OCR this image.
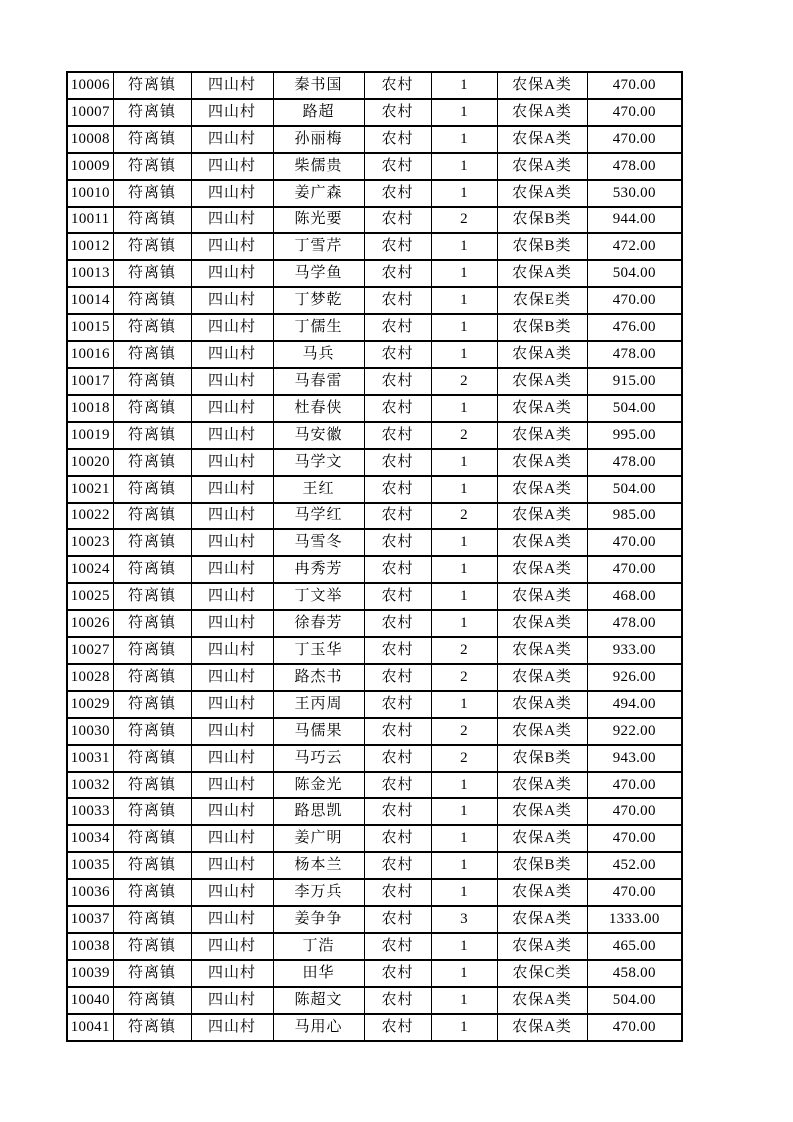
10006	符离镇	四山村	秦书国	农村	1	农保A类	470.00
10007	符离镇	四山村	路超	农村	1	农保A类	470.00
10008	符离镇	四山村	孙丽梅	农村	1	农保A类	470.00
10009	符离镇	四山村	柴儒贵	农村	1	农保A类	478.00
10010	符离镇	四山村	姜广森	农村	1	农保A类	530.00
10011	符离镇	四山村	陈光要	农村	2	农保B类	944.00
10012	符离镇	四山村	丁雪芹	农村	1	农保B类	472.00
10013	符离镇	四山村	马学鱼	农村	1	农保A类	504.00
10014	符离镇	四山村	丁梦乾	农村	1	农保E类	470.00
10015	符离镇	四山村	丁儒生	农村	1	农保B类	476.00
10016	符离镇	四山村	马兵	农村	1	农保A类	478.00
10017	符离镇	四山村	马春雷	农村	2	农保A类	915.00
10018	符离镇	四山村	杜春侠	农村	1	农保A类	504.00
10019	符离镇	四山村	马安徽	农村	2	农保A类	995.00
10020	符离镇	四山村	马学文	农村	1	农保A类	478.00
10021	符离镇	四山村	王红	农村	1	农保A类	504.00
10022	符离镇	四山村	马学红	农村	2	农保A类	985.00
10023	符离镇	四山村	马雪冬	农村	1	农保A类	470.00
10024	符离镇	四山村	冉秀芳	农村	1	农保A类	470.00
10025	符离镇	四山村	丁文举	农村	1	农保A类	468.00
10026	符离镇	四山村	徐春芳	农村	1	农保A类	478.00
10027	符离镇	四山村	丁玉华	农村	2	农保A类	933.00
10028	符离镇	四山村	路杰书	农村	2	农保A类	926.00
10029	符离镇	四山村	王丙周	农村	1	农保A类	494.00
10030	符离镇	四山村	马儒果	农村	2	农保A类	922.00
10031	符离镇	四山村	马巧云	农村	2	农保B类	943.00
10032	符离镇	四山村	陈金光	农村	1	农保A类	470.00
10033	符离镇	四山村	路思凯	农村	1	农保A类	470.00
10034	符离镇	四山村	姜广明	农村	1	农保A类	470.00
10035	符离镇	四山村	杨本兰	农村	1	农保B类	452.00
10036	符离镇	四山村	李万兵	农村	1	农保A类	470.00
10037	符离镇	四山村	姜争争	农村	3	农保A类	1333.00
10038	符离镇	四山村	丁浩	农村	1	农保A类	465.00
10039	符离镇	四山村	田华	农村	1	农保C类	458.00
10040	符离镇	四山村	陈超文	农村	1	农保A类	504.00
10041	符离镇	四山村	马用心	农村	1	农保A类	470.00
